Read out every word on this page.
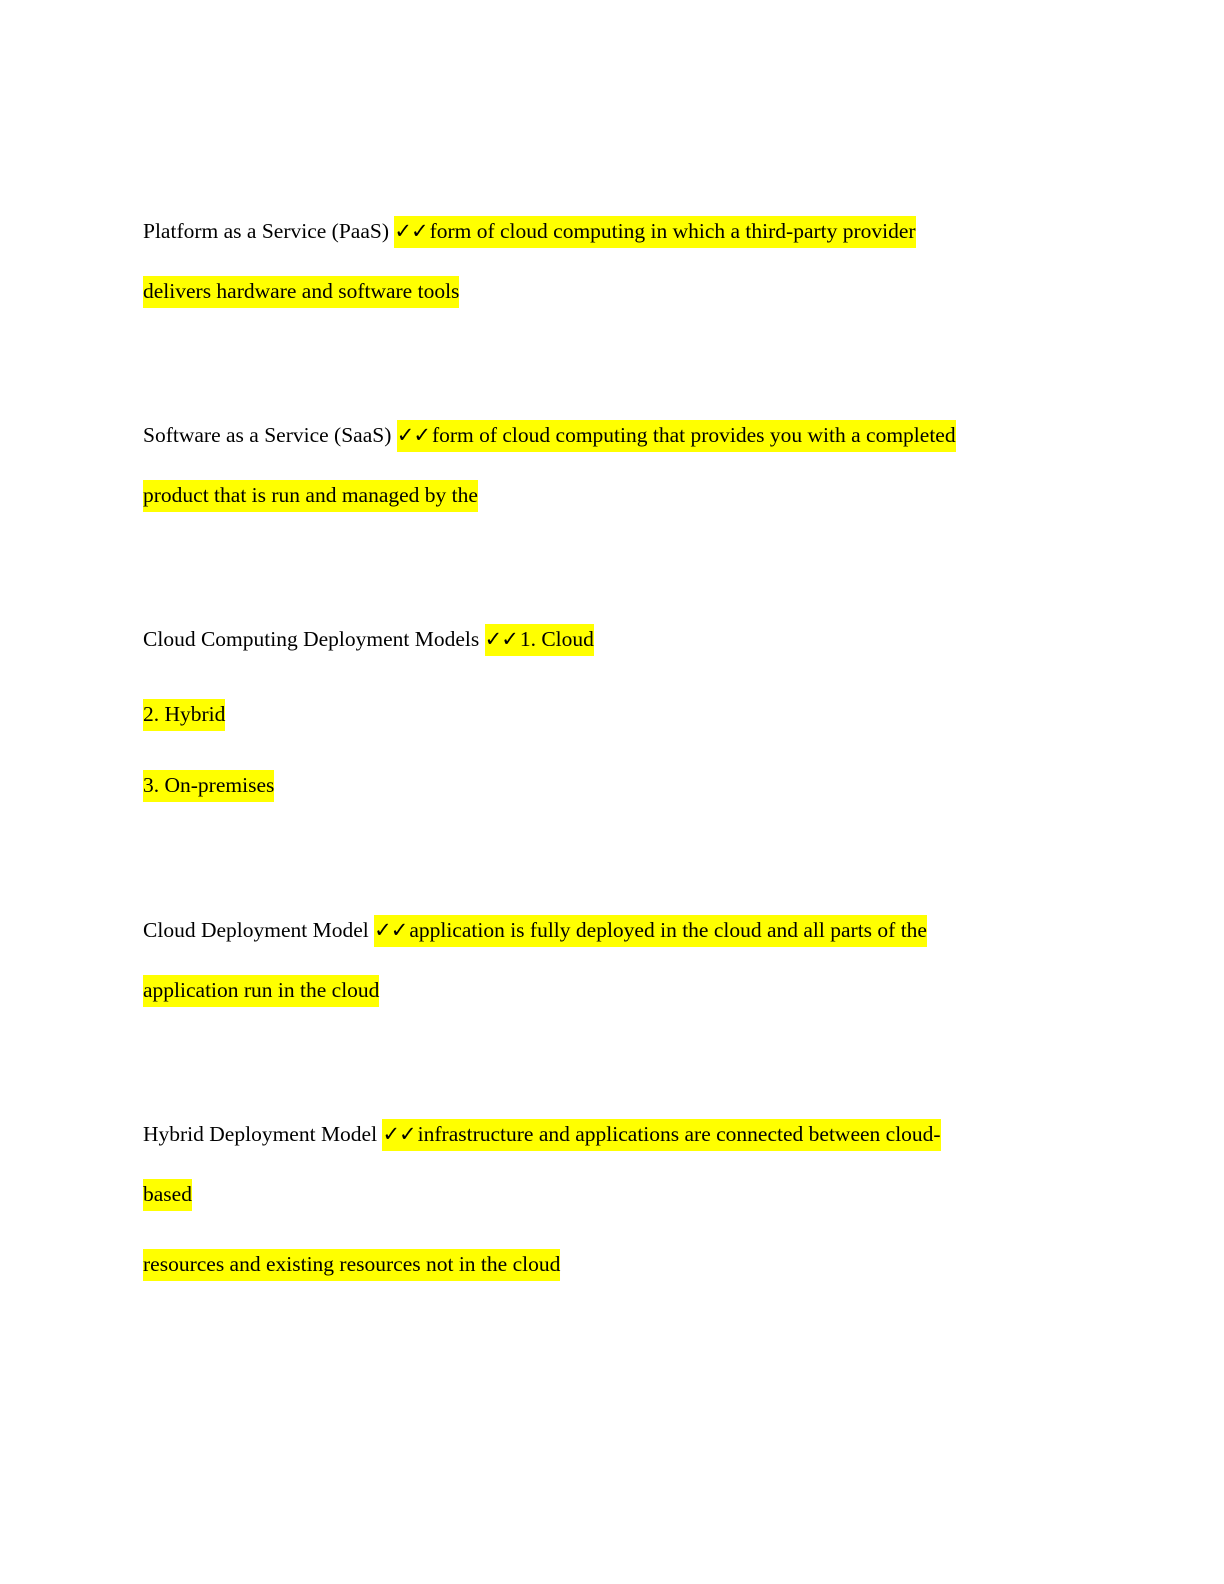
Platform as a Service (PaaS) ✓✓form of cloud computing in which a third-party provider
delivers hardware and software tools
Software as a Service (SaaS) ✓✓form of cloud computing that provides you with a completed
product that is run and managed by the
Cloud Computing Deployment Models ✓✓1. Cloud
2. Hybrid
3. On-premises
Cloud Deployment Model ✓✓application is fully deployed in the cloud and all parts of the
application run in the cloud
Hybrid Deployment Model ✓✓infrastructure and applications are connected between cloud-
based
resources and existing resources not in the cloud
